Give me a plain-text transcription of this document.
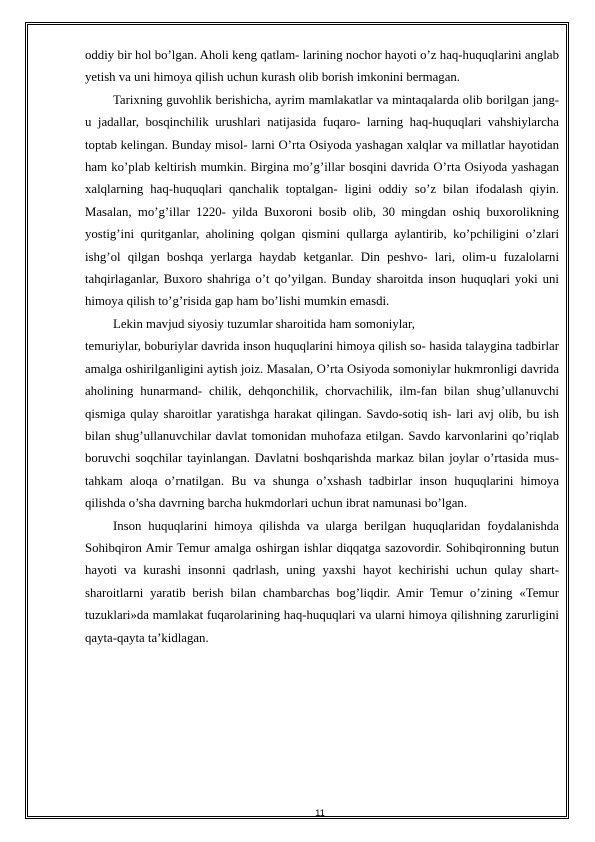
oddiy bir hol bo’lgan. Aholi keng qatlam- larining nochor hayoti o’z haq-huquqlarini anglab yetish va uni himoya qilish uchun kurash olib borish imkonini bermagan.

Tarixning guvohlik berishicha, ayrim mamlakatlar va mintaqalarda olib borilgan jang-u jadallar, bosqinchilik urushlari natijasida fuqaro- larning haq-huquqlari vahshiylarcha toptab kelingan. Bunday misol- larni O’rta Osiyoda yashagan xalqlar va millatlar hayotidan ham ko’plab keltirish mumkin. Birgina mo’g’illar bosqini davrida O’rta Osiyoda yashagan xalqlarning haq-huquqlari qanchalik toptalgan- ligini oddiy so’z bilan ifodalash qiyin. Masalan, mo’g’illar 1220- yilda Buxoroni bosib olib, 30 mingdan oshiq buxorolikning yostig’ini quritganlar, aholining qolgan qismini qullarga aylantirib, ko’pchiligini o’zlari ishg’ol qilgan boshqa yerlarga haydab ketganlar. Din peshvo- lari, olim-u fuzalolarni tahqirlaganlar, Buxoro shahriga o’t qo’yilgan. Bunday sharoitda inson huquqlari yoki uni himoya qilish to’g’risida gap ham bo’lishi mumkin emasdi.

Lekin mavjud siyosiy tuzumlar sharoitida ham somoniylar,

temuriylar, boburiylar davrida inson huquqlarini himoya qilish so- hasida talaygina tadbirlar amalga oshirilganligini aytish joiz. Masalan, O’rta Osiyoda somoniylar hukmronligi davrida aholining hunarmand- chilik, dehqonchilik, chorvachilik, ilm-fan bilan shug’ullanuvchi qismiga qulay sharoitlar yaratishga harakat qilingan. Savdo-sotiq ish- lari avj olib, bu ish bilan shug’ullanuvchilar davlat tomonidan muhofaza etilgan. Savdo karvonlarini qo’riqlab boruvchi soqchilar tayinlangan. Davlatni boshqarishda markaz bilan joylar o’rtasida mus- tahkam aloqa o’rnatilgan. Bu va shunga o’xshash tadbirlar inson huquqlarini himoya qilishda o’sha davrning barcha hukmdorlari uchun ibrat namunasi bo’lgan.

Inson huquqlarini himoya qilishda va ularga berilgan huquqlaridan foydalanishda Sohibqiron Amir Temur amalga oshirgan ishlar diqqatga sazovordir. Sohibqironning butun hayoti va kurashi insonni qadrlash, uning yaxshi hayot kechirishi uchun qulay shart-sharoitlarni yaratib berish bilan chambarchas bog’liqdir. Amir Temur o’zining «Temur tuzuklari»da mamlakat fuqarolarining haq-huquqlari va ularni himoya qilishning zarurligini qayta-qayta ta’kidlagan.

11
